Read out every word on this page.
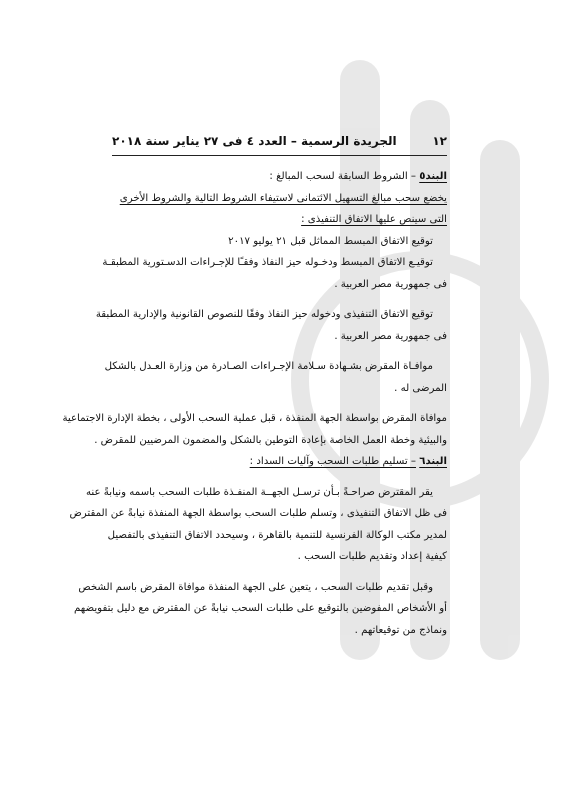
١٢
الجريدة الرسمية – العدد ٤ فى ٢٧ يناير سنة ٢٠١٨
البند٥ – الشروط السابقة لسحب المبالغ :
يخضع سحب مبالغ التسهيل الائتمانى لاستيفاء الشروط التالية والشروط الأخرى
التى سينص عليها الاتفاق التنفيذى :
توقيع الاتفاق المبسط المماثل قبل ٢١ يوليو ٢٠١٧
توقيـع الاتفاق المبسط ودخـوله حيز النفاذ وفقـًا للإجـراءات الدسـتورية المطبقـة
فى جمهورية مصر العربية .
توقيع الاتفاق التنفيذى ودخوله حيز النفاذ وفقًا للنصوص القانونية والإدارية المطبقة
فى جمهورية مصر العربية .
موافـاة المقرض بشـهادة سـلامة الإجـراءات الصـادرة من وزارة العـدل بالشكل
المرضى له .
موافاة المقرض بواسطة الجهة المنفذة ، قبل عملية السحب الأولى ، بخطة الإدارة الاجتماعية
والبيئية وخطة العمل الخاصة بإعادة التوطين بالشكل والمضمون المرضيين للمقرض .
البند٦ – تسليم طلبات السحب وآليات السداد :
يقر المقترض صراحـةً بـأن ترسـل الجهــة المنفـذة طلبات السحب باسمه ونيابةً عنه
فى ظل الاتفاق التنفيذى ، وتسلم طلبات السحب بواسطة الجهة المنفذة نيابةً عن المقترض
لمدير مكتب الوكالة الفرنسية للتنمية بالقاهرة ، وسيحدد الاتفاق التنفيذى بالتفصيل
كيفية إعداد وتقديم طلبات السحب .
وقبل تقديم طلبات السحب ، يتعين على الجهة المنفذة موافاة المقرض باسم الشخص
أو الأشخاص المفوضين بالتوقيع على طلبات السحب نيابةً عن المقترض مع دليل بتفويضهم
ونماذج من توقيعاتهم .
